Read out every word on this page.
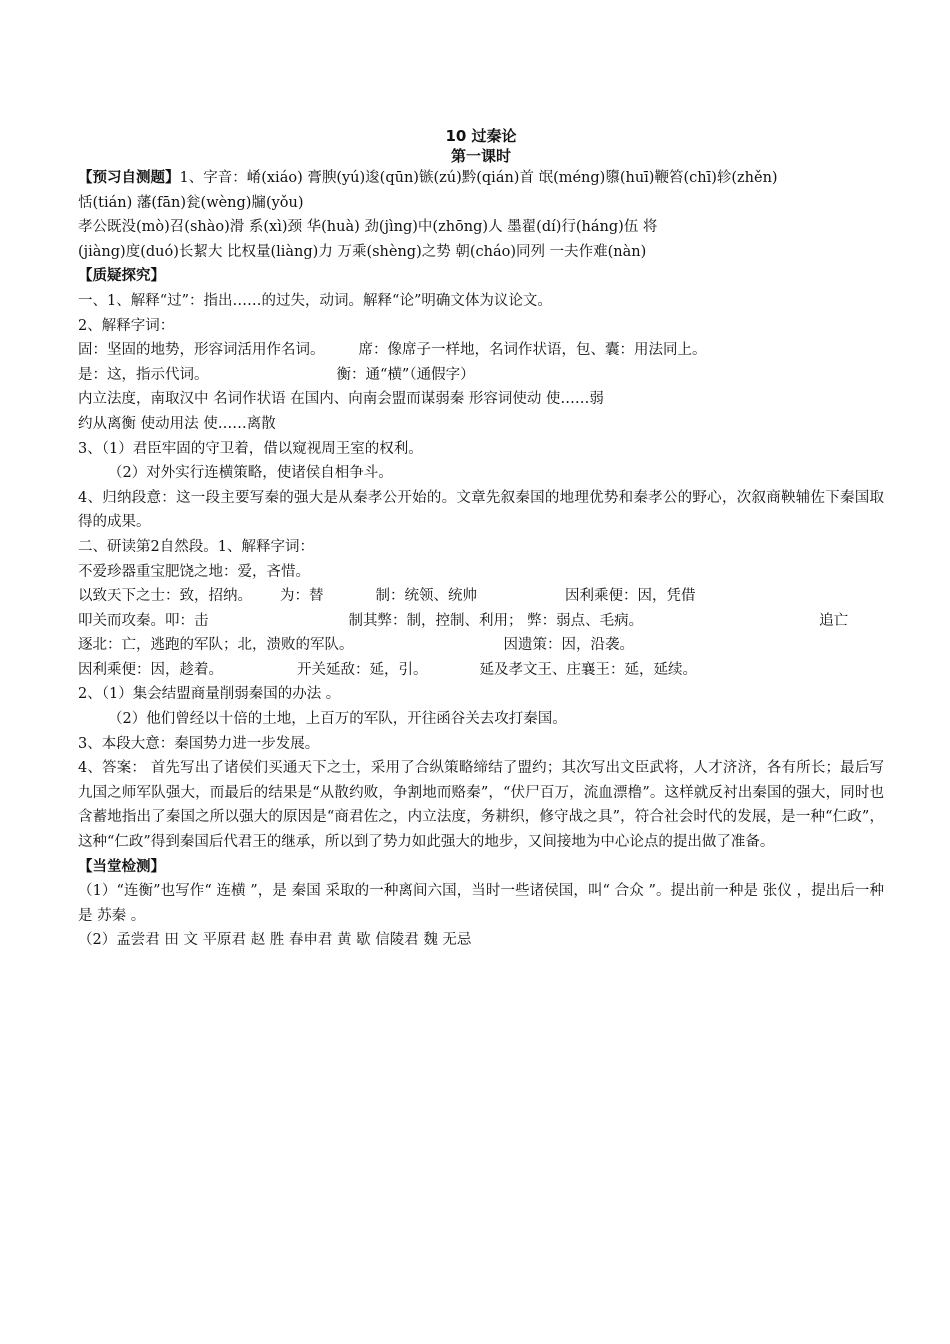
10 过秦论
第一课时
【预习自测题】1、字音：崤(xiáo) 膏腴(yú)逡(qūn)镞(zú)黔(qián)首 氓(méng)隳(huī)鞭笞(chī)轸(zhěn)
恬(tián) 藩(fān)瓮(wèng)牖(yǒu)
孝公既没(mò)召(shào)滑 系(xì)颈 华(huà) 劲(jìng)中(zhōng)人 墨翟(dí)行(háng)伍 将
(jiàng)度(duó)长絜大 比权量(liàng)力 万乘(shèng)之势 朝(cháo)同列 一夫作难(nàn)
【质疑探究】
一、1、解释“过”：指出……的过失，动词。解释“论”明确文体为议论文。
2、解释字词：
固：坚固的地势，形容词活用作名词。 席：像席子一样地，名词作状语，包、囊：用法同上。
是：这，指示代词。	衡：通“横”（通假字）
内立法度，南取汉中 名词作状语 在国内、向南会盟而谋弱秦 形容词使动 使……弱
约从离衡 使动用法 使……离散
3、（1）君臣牢固的守卫着，借以窥视周王室的权利。
（2）对外实行连横策略，使诸侯自相争斗。
4、归纳段意：这一段主要写秦的强大是从秦孝公开始的。文章先叙秦国的地理优势和秦孝公的野心，次叙商鞅辅佐下秦国取得的成果。
二、研读第2自然段。1、解释字词：
不爱珍器重宝肥饶之地：爱，吝惜。
以致天下之士：致，招纳。 为：替	制：统领、统帅	因利乘便：因，凭借
叩关而攻秦。叩：击	制其弊：制，控制、利用； 弊：弱点、毛病。	追亡
逐北：亡，逃跑的军队；北，溃败的军队。	因遗策：因，沿袭。
因利乘便：因，趁着。	开关延敌：延，引。	延及孝文王、庄襄王：延，延续。
2、（1）集会结盟商量削弱秦国的办法 。
（2）他们曾经以十倍的土地，上百万的军队，开往函谷关去攻打秦国。
3、本段大意：秦国势力进一步发展。
4、答案： 首先写出了诸侯们买通天下之士，采用了合纵策略缔结了盟约；其次写出文臣武将，人才济济，各有所长；最后写九国之师军队强大，而最后的结果是“从散约败，争割地而赂秦”，“伏尸百万，流血漂橹”。这样就反衬出秦国的强大，同时也含蓄地指出了秦国之所以强大的原因是“商君佐之，内立法度，务耕织，修守战之具”，符合社会时代的发展，是一种“仁政”，这种“仁政”得到秦国后代君王的继承，所以到了势力如此强大的地步，又间接地为中心论点的提出做了准备。
【当堂检测】
（1）“连衡”也写作“ 连横 ”，是 秦国 采取的一种离间六国，当时一些诸侯国，叫“ 合众 ”。提出前一种是 张仪 ，提出后一种是 苏秦 。
（2）孟尝君 田 文 平原君 赵 胜 春申君 黄 歇 信陵君 魏 无忌
